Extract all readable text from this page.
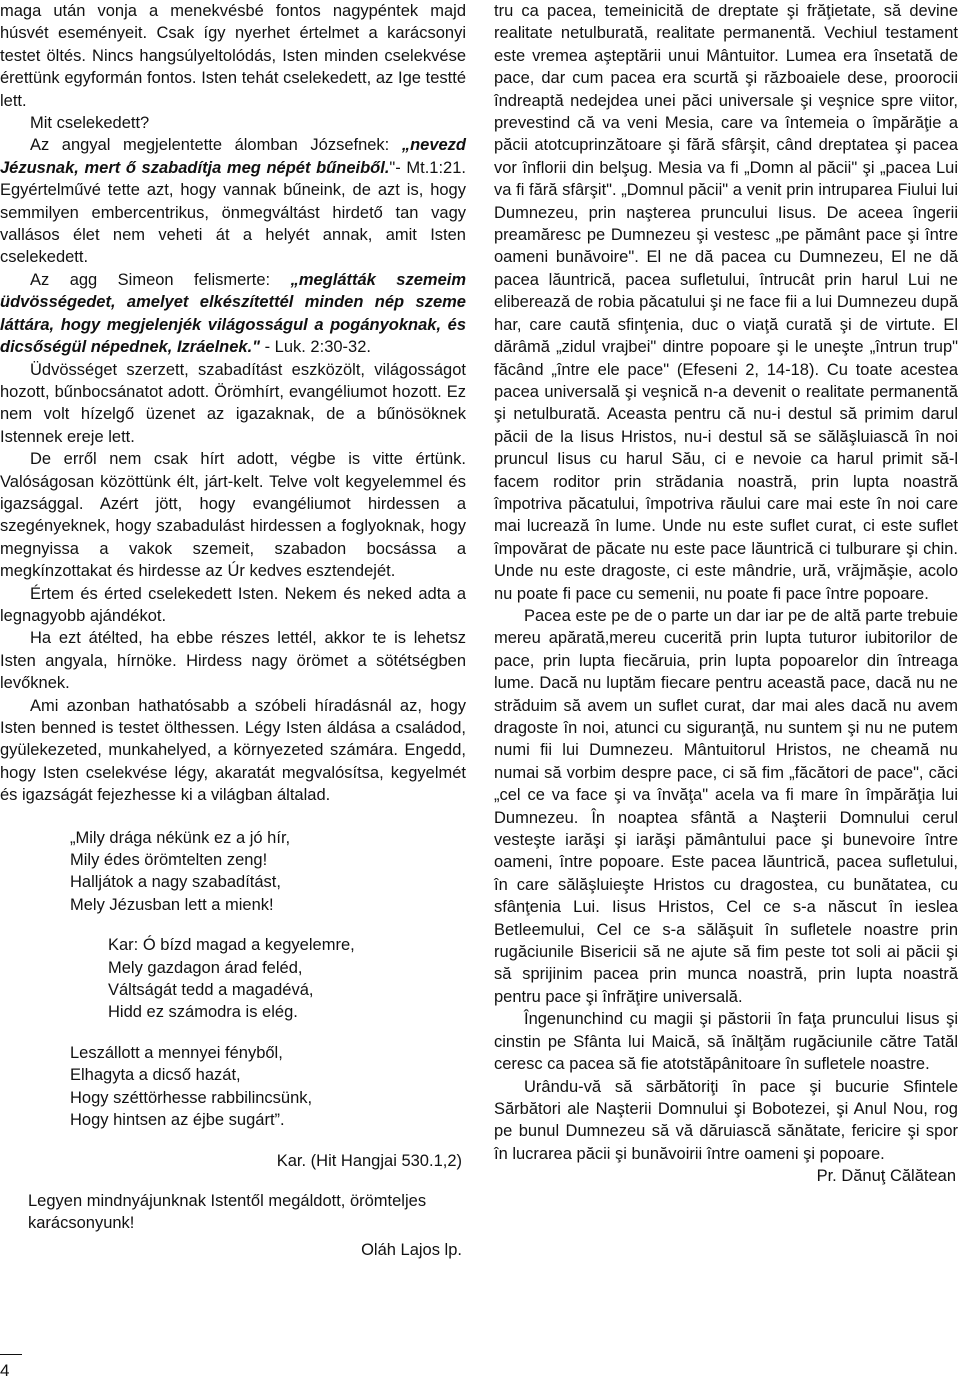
maga után vonja a menekvésbé fontos nagypéntek majd húsvét eseményeit. Csak így nyerhet értelmet a karácsonyi testet öltés. Nincs hangsúlyeltolódás, Isten minden cselekvése érettünk egyformán fontos. Isten tehát cselekedett, az Ige testté lett.

Mit cselekedett?

Az angyal megjelentette álomban Józsefnek: „nevezd Jézusnak, mert ő szabadítja meg népét bűneiből."- Mt.1:21. Egyértelművé tette azt, hogy vannak bűneink, de azt is, hogy semmilyen embercentrikus, önmegváltást hirdető tan vagy vallásos élet nem veheti át a helyét annak, amit Isten cselekedett.

Az agg Simeon felismerte: „meglátták szemeim üdvösségedet, amelyet elkészítettél minden nép szeme láttára, hogy megjelenjék világosságul a pogányoknak, és dicsőségül népednek, Izráelnek." - Luk. 2:30-32.

Üdvösséget szerzett, szabadítást eszközölt, világosságot hozott, bűnbocsánatot adott. Örömhírt, evangéliumot hozott. Ez nem volt hízelgő üzenet az igazaknak, de a bűnösöknek Istennek ereje lett.

De erről nem csak hírt adott, végbe is vitte értünk. Valóságosan közöttünk élt, járt-kelt. Telve volt kegyelemmel és igazsággal. Azért jött, hogy evangéliumot hirdessen a szegényeknek, hogy szabadulást hirdessen a foglyoknak, hogy megnyissa a vakok szemeit, szabadon bocsássa a megkínzottakat és hirdesse az Úr kedves esztendejét.

Értem és érted cselekedett Isten. Nekem és neked adta a legnagyobb ajándékot.

Ha ezt átélted, ha ebbe részes lettél, akkor te is lehetsz Isten angyala, hírnöke. Hirdess nagy örömet a sötétségben levőknek.

Ami azonban hathatósabb a szóbeli híradásnál az, hogy Isten benned is testet ölthessen. Légy Isten áldása a családod, gyülekezeted, munkahelyed, a környezeted számára. Engedd, hogy Isten cselekvése légy, akaratát megvalósítsa, kegyelmét és igazságát fejezhesse ki a világban általad.

„Mily drága nékünk ez a jó hír,
Mily édes örömtelten zeng!
Halljátok a nagy szabadítást,
Mely Jézusban lett a mienk!
Kar: Ó bízd magad a kegyelemre,
Mely gazdagon árad feléd,
Váltságát tedd a magadévá,
Hidd ez számodra is elég.
Leszállott a mennyei fényből,
Elhagyta a dicső hazát,
Hogy széttörhesse rabbilincsünk,
Hogy hintsen az éjbe sugárt”.

Kar. (Hit Hangjai 530.1,2)

Legyen mindnyájunknak Istentől megáldott, örömteljes karácsonyunk!

Oláh Lajos lp.

tru ca pacea, temeinicită de dreptate şi frăţietate, să devine realitate netulburată, realitate permanentă. Vechiul testament este vremea aşteptării unui Mântuitor. Lumea era însetată de pace, dar cum pacea era scurtă şi războaiele dese, proorocii îndreaptă nedejdea unei păci universale şi veşnice spre viitor, prevestind că va veni Mesia, care va întemeia o împărăţie a păcii atotcuprinzătoare şi fără sfârşit, când dreptatea şi pacea vor înflorii din belşug. Mesia va fi „Domn al păcii" şi „pacea Lui va fi fără sfârşit". „Domnul păcii" a venit prin intruparea Fiului lui Dumnezeu, prin naşterea pruncului Iisus. De aceea îngerii preamăresc pe Dumnezeu şi vestesc „pe pământ pace şi între oameni bunăvoire". El ne dă pacea cu Dumnezeu, El ne dă pacea lăuntrică, pacea sufletului, întrucât prin harul Lui ne elibereazǎ de robia pǎcatului şi ne face fii a lui Dumnezeu după har, care caută sfinţenia, duc o viaţă curată şi de virtute. El dărâmă „zidul vrajbei" dintre popoare şi le uneşte „întrun trup" făcând „între ele pace" (Efeseni 2, 14-18). Cu toate acestea pacea universală şi veşnică n-a devenit o realitate permanentă şi netulburată. Aceasta pentru că nu-i destul să primim darul păcii de la Iisus Hristos, nu-i destul să se sălăşluiască în noi pruncul Iisus cu harul Său, ci e nevoie ca harul primit să-l facem roditor prin strădania noastră, prin lupta noastră împotriva păcatului, împotriva răului care mai este în noi care mai lucrează în lume. Unde nu este suflet curat, ci este suflet împovărat de păcate nu este pace lăuntrică ci tulburare şi chin. Unde nu este dragoste, ci este mândrie, ură, vrăjmăşie, acolo nu poate fi pace cu semenii, nu poate fi pace între popoare.

Pacea este pe de o parte un dar iar pe de altă parte trebuie mereu apărată,mereu cucerită prin lupta tuturor iubitorilor de pace, prin lupta fiecăruia, prin lupta popoarelor din întreaga lume. Dacă nu luptăm fiecare pentru această pace, dacă nu ne străduim să avem un suflet curat, dar mai ales dacă nu avem dragoste în noi, atunci cu siguranţă, nu suntem şi nu ne putem numi fii lui Dumnezeu. Mântuitorul Hristos, ne cheamă nu numai să vorbim despre pace, ci să fim „făcători de pace", căci „cel ce va face şi va învăţa" acela va fi mare în împărăţia lui Dumnezeu. În noaptea sfântă a Naşterii Domnului cerul vesteşte iarăşi şi iarăşi pământului pace şi bunevoire între oameni, între popoare. Este pacea lăuntrică, pacea sufletului, în care sălăşluieşte Hristos cu dragostea, cu bunătatea, cu sfânţenia Lui. Iisus Hristos, Cel ce s-a născut în ieslea Betleemului, Cel ce s-a sălăşuit în sufletele noastre prin rugăciunile Bisericii să ne ajute să fim peste tot soli ai păcii şi să sprijinim pacea prin munca noastră, prin lupta noastră pentru pace şi înfrăţire universală.

Îngenunchind cu magii şi păstorii în faţa pruncului Iisus şi cinstin pe Sfânta lui Maică, să înălţăm rugăciunile către Tatăl ceresc ca pacea să fie atotstăpânitoare în sufletele noastre.

Urându-vă să sărbătoriţi în pace şi bucurie Sfintele Sărbători ale Naşterii Domnului şi Bobotezei, şi Anul Nou, rog pe bunul Dumnezeu să vă dăruiască sănătate, fericire şi spor în lucrarea păcii şi bunăvoirii între oameni şi popoare.

Pr. Dănuţ Călătean

4
